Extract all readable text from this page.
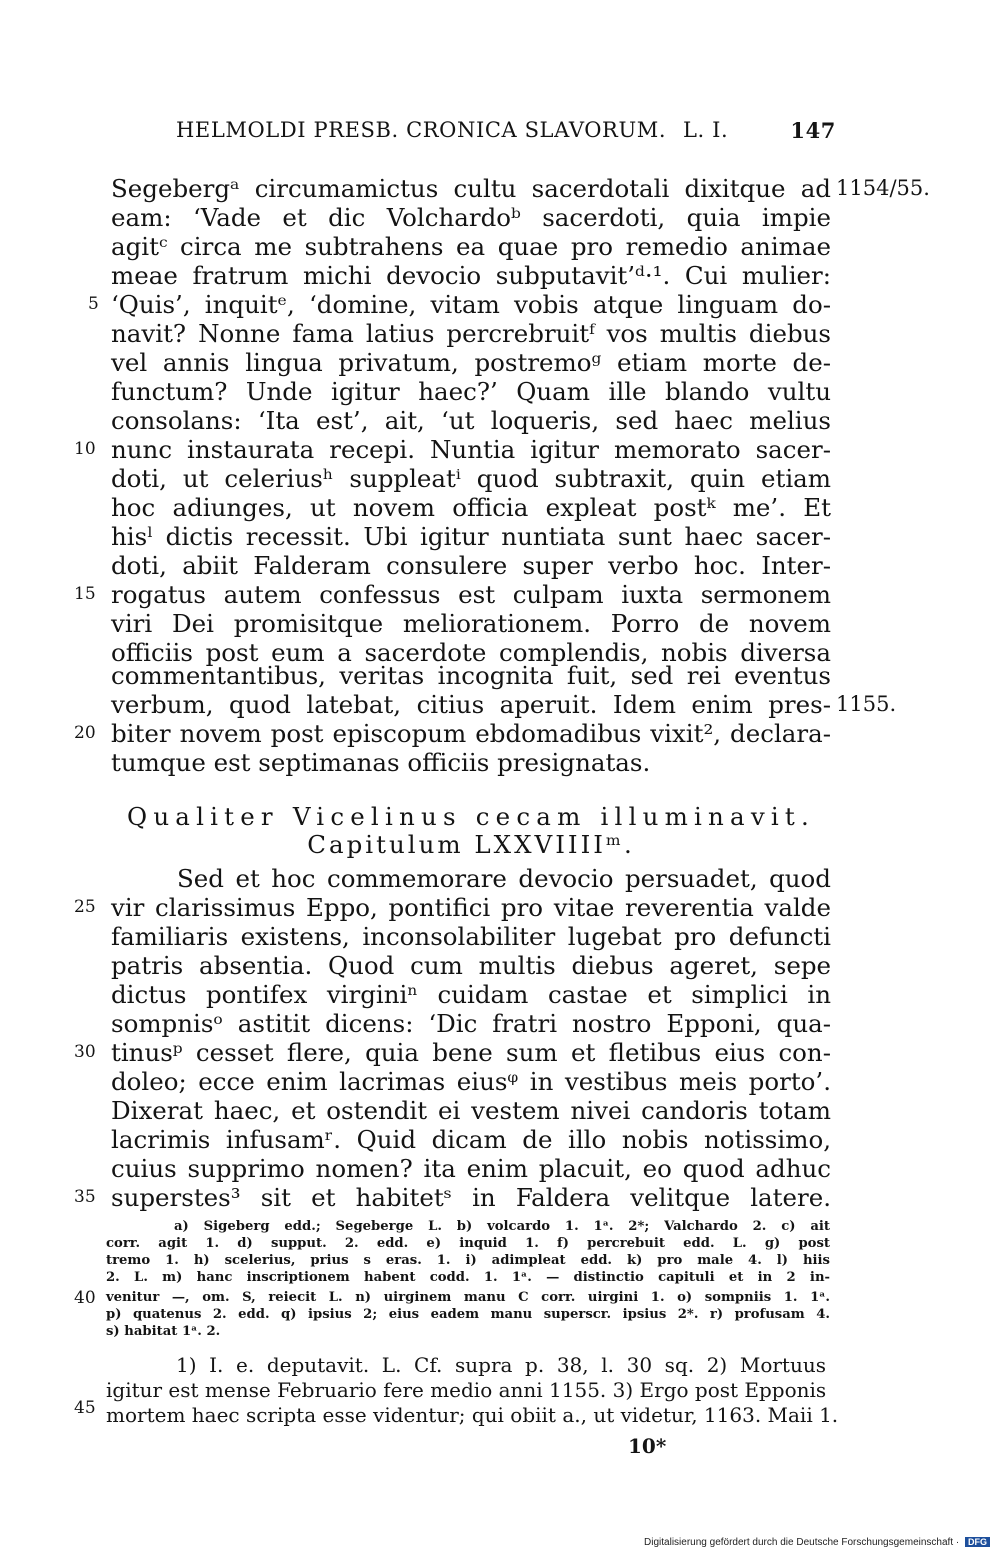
HELMOLDI PRESB. CRONICA SLAVORUM. L. I.	147
1154/55.
1155.
Segebergᵃ circumamictus cultu sacerdotali dixitque ad
eam: ‘Vade et dic Volchardoᵇ sacerdoti, quia impie
agitᶜ circa me subtrahens ea quae pro remedio animae
meae fratrum michi devocio subputavit’ᵈ·¹. Cui mulier:
‘Quis’, inquitᵉ, ‘domine, vitam vobis atque linguam do-
navit? Nonne fama latius percrebruitᶠ vos multis diebus
vel annis lingua privatum, postremoᵍ etiam morte de-
functum? Unde igitur haec?’ Quam ille blando vultu
consolans: ‘Ita est’, ait, ‘ut loqueris, sed haec melius
nunc instaurata recepi. Nuntia igitur memorato sacer-
doti, ut celeriusʰ suppleatⁱ quod subtraxit, quin etiam
hoc adiunges, ut novem officia expleat postᵏ me’. Et
hisˡ dictis recessit. Ubi igitur nuntiata sunt haec sacer-
doti, abiit Falderam consulere super verbo hoc. Inter-
rogatus autem confessus est culpam iuxta sermonem
viri Dei promisitque meliorationem. Porro de novem
officiis post eum a sacerdote complendis, nobis diversa
commentantibus, veritas incognita fuit, sed rei eventus
verbum, quod latebat, citius aperuit. Idem enim pres-
biter novem post episcopum ebdomadibus vixit², declara-
tumque est septimanas officiis presignatas.
Qualiter Vicelinus cecam illuminavit.
Capitulum LXXVIIIIᵐ.
Sed et hoc commemorare devocio persuadet, quod
vir clarissimus Eppo, pontifici pro vitae reverentia valde
familiaris existens, inconsolabiliter lugebat pro defuncti
patris absentia. Quod cum multis diebus ageret, sepe
dictus pontifex virginiⁿ cuidam castae et simplici in
sompnisᵒ astitit dicens: ‘Dic fratri nostro Epponi, qua-
tinusᵖ cesset flere, quia bene sum et fletibus eius con-
doleo; ecce enim lacrimas eiusᵠ in vestibus meis porto’.
Dixerat haec, et ostendit ei vestem nivei candoris totam
lacrimis infusamʳ. Quid dicam de illo nobis notissimo,
cuius supprimo nomen? ita enim placuit, eo quod adhuc
superstes³ sit et habitetˢ in Faldera velitque latere.
5
10
15
20
25
30
35
40
45
a) Sigeberg edd.; Segeberge L. b) volcardo 1. 1ᵃ. 2*; Valchardo 2. c) ait
corr. agit 1. d) supput. 2. edd. e) inquid 1. f) percrebuit edd. L. g) post
tremo 1. h) scelerius, prius s eras. 1. i) adimpleat edd. k) pro male 4. l) hiis
2. L. m) hanc inscriptionem habent codd. 1. 1ᵃ. — distinctio capituli et in 2 in-
venitur —, om. S, reiecit L. n) uirginem manu C corr. uirgini 1. o) sompniis 1. 1ᵃ.
p) quatenus 2. edd. q) ipsius 2; eius eadem manu superscr. ipsius 2*. r) profusam 4.
s) habitat 1ᵃ. 2.
1) I. e. deputavit. L. Cf. supra p. 38, l. 30 sq. 2) Mortuus
igitur est mense Februario fere medio anni 1155. 3) Ergo post Epponis
mortem haec scripta esse videntur; qui obiit a., ut videtur, 1163. Maii 1.
10*
Digitalisierung gefördert durch die Deutsche Forschungsgemeinschaft · DFG
